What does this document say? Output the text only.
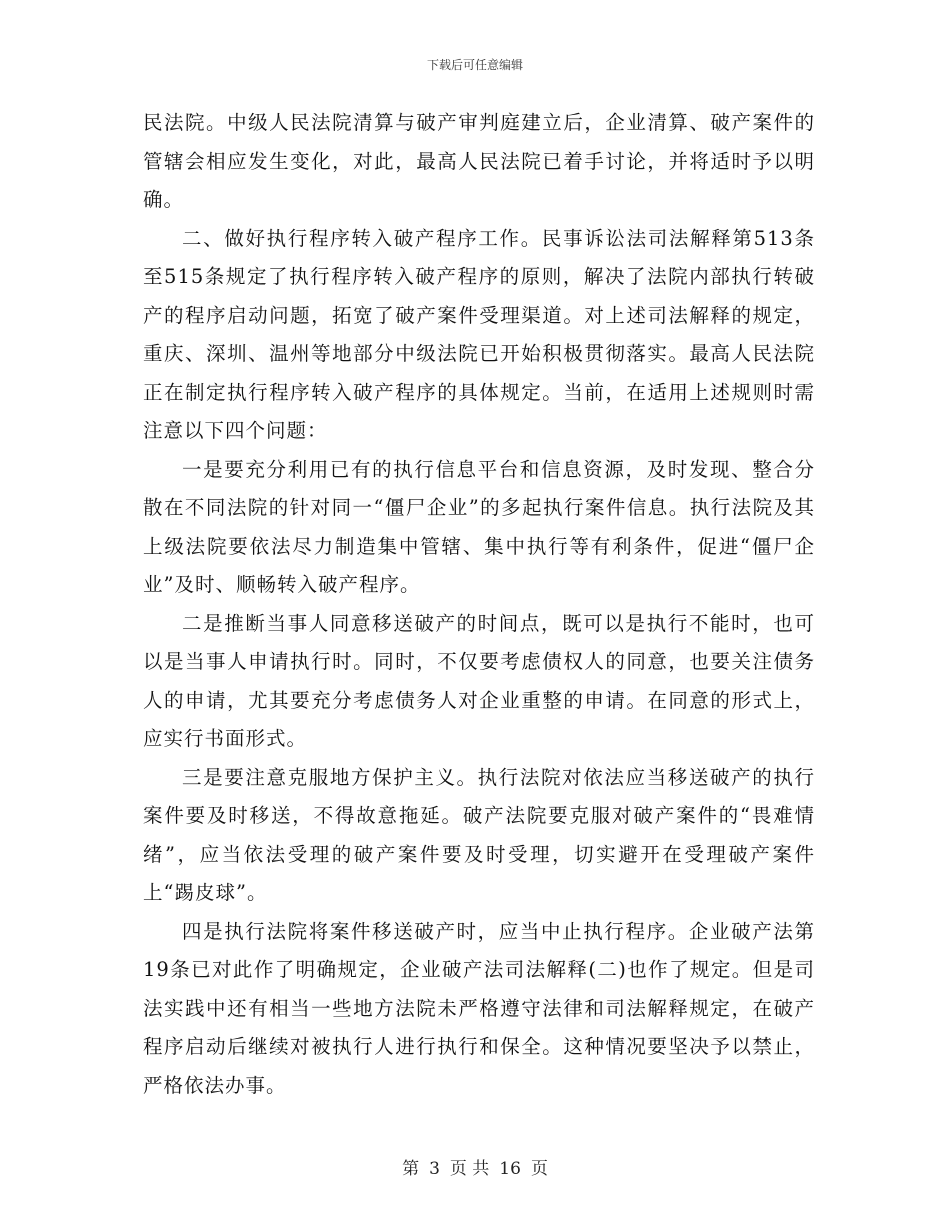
下载后可任意编辑

民法院。中级人民法院清算与破产审判庭建立后，企业清算、破产案件的管辖会相应发生变化，对此，最高人民法院已着手讨论，并将适时予以明确。

二、做好执行程序转入破产程序工作。民事诉讼法司法解释第513条至515条规定了执行程序转入破产程序的原则，解决了法院内部执行转破产的程序启动问题，拓宽了破产案件受理渠道。对上述司法解释的规定，重庆、深圳、温州等地部分中级法院已开始积极贯彻落实。最高人民法院正在制定执行程序转入破产程序的具体规定。当前，在适用上述规则时需注意以下四个问题：

一是要充分利用已有的执行信息平台和信息资源，及时发现、整合分散在不同法院的针对同一“僵尸企业”的多起执行案件信息。执行法院及其上级法院要依法尽力制造集中管辖、集中执行等有利条件，促进“僵尸企业”及时、顺畅转入破产程序。

二是推断当事人同意移送破产的时间点，既可以是执行不能时，也可以是当事人申请执行时。同时，不仅要考虑债权人的同意，也要关注债务人的申请，尤其要充分考虑债务人对企业重整的申请。在同意的形式上，应实行书面形式。

三是要注意克服地方保护主义。执行法院对依法应当移送破产的执行案件要及时移送，不得故意拖延。破产法院要克服对破产案件的“畏难情绪”，应当依法受理的破产案件要及时受理，切实避开在受理破产案件上“踢皮球”。

四是执行法院将案件移送破产时，应当中止执行程序。企业破产法第19条已对此作了明确规定，企业破产法司法解释(二)也作了规定。但是司法实践中还有相当一些地方法院未严格遵守法律和司法解释规定，在破产程序启动后继续对被执行人进行执行和保全。这种情况要坚决予以禁止，严格依法办事。

第 3 页 共 16 页
